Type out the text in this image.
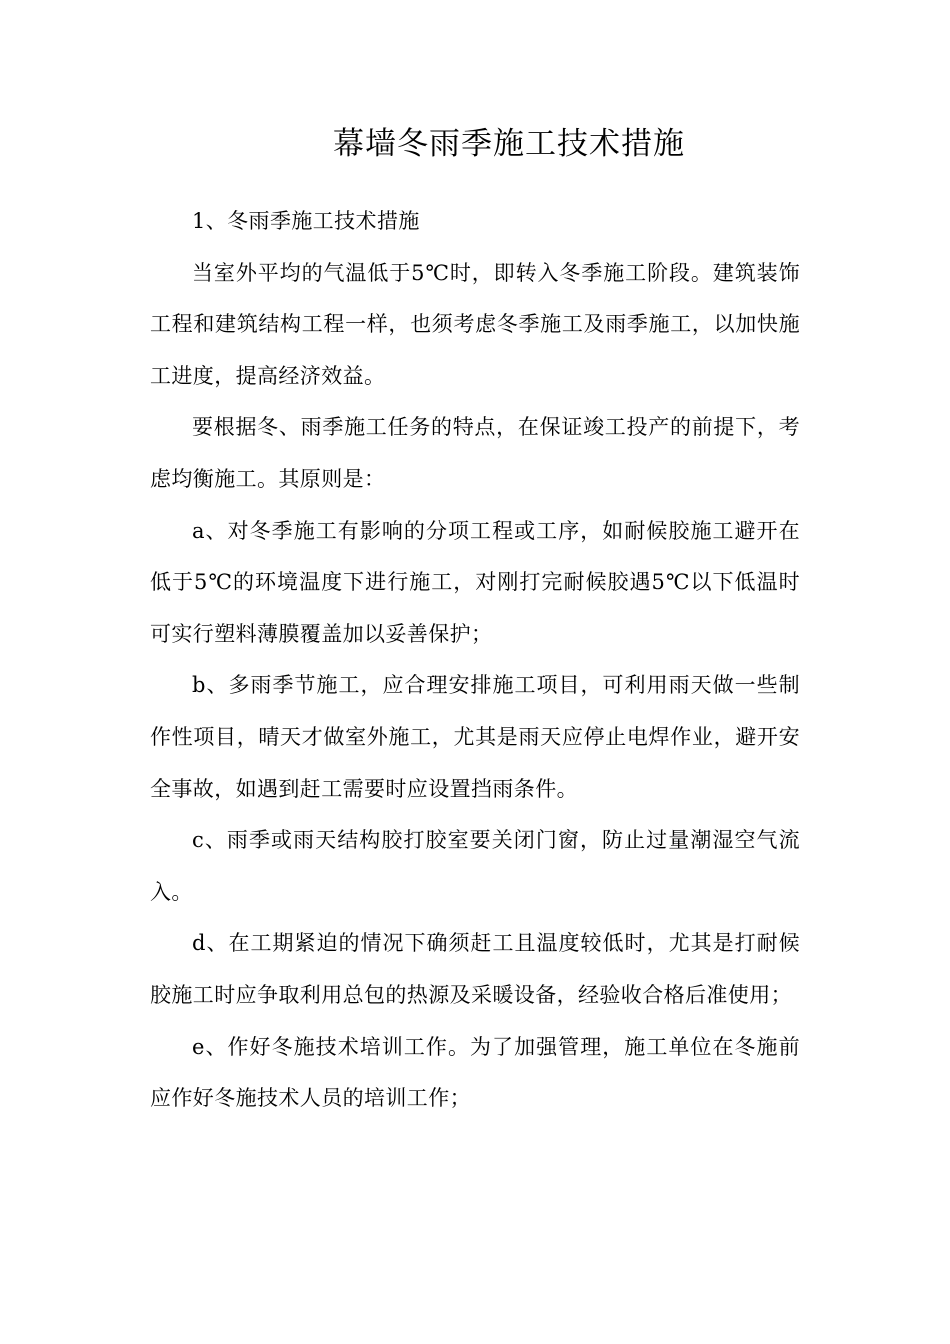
幕墙冬雨季施工技术措施

1、冬雨季施工技术措施

当室外平均的气温低于5℃时，即转入冬季施工阶段。建筑装饰工程和建筑结构工程一样，也须考虑冬季施工及雨季施工，以加快施工进度，提高经济效益。

要根据冬、雨季施工任务的特点，在保证竣工投产的前提下，考虑均衡施工。其原则是：

a、对冬季施工有影响的分项工程或工序，如耐候胶施工避开在低于5℃的环境温度下进行施工，对刚打完耐候胶遇5℃以下低温时可实行塑料薄膜覆盖加以妥善保护；

b、多雨季节施工，应合理安排施工项目，可利用雨天做一些制作性项目，晴天才做室外施工，尤其是雨天应停止电焊作业，避开安全事故，如遇到赶工需要时应设置挡雨条件。

c、雨季或雨天结构胶打胶室要关闭门窗，防止过量潮湿空气流入。

d、在工期紧迫的情况下确须赶工且温度较低时，尤其是打耐候胶施工时应争取利用总包的热源及采暖设备，经验收合格后准使用；

e、作好冬施技术培训工作。为了加强管理，施工单位在冬施前应作好冬施技术人员的培训工作；
